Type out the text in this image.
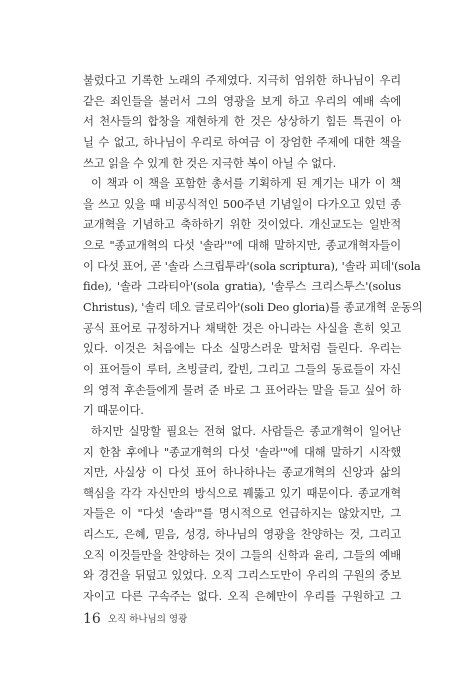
불렀다고 기록한 노래의 주제였다. 지극히 엄위한 하나님이 우리
같은 죄인들을 불러서 그의 영광을 보게 하고 우리의 예배 속에
서 천사들의 합창을 재현하게 한 것은 상상하기 힘든 특권이 아
닐 수 없고, 하나님이 우리로 하여금 이 장엄한 주제에 대한 책을
쓰고 읽을 수 있게 한 것은 지극한 복이 아닐 수 없다.
이 책과 이 책을 포함한 총서를 기획하게 된 계기는 내가 이 책
을 쓰고 있을 때 비공식적인 500주년 기념일이 다가오고 있던 종
교개혁을 기념하고 축하하기 위한 것이었다. 개신교도는 일반적
으로 "종교개혁의 다섯 '솔라'"에 대해 말하지만, 종교개혁자들이
이 다섯 표어, 곧 '솔라 스크립투라'(sola scriptura), '솔라 피데'(sola
fide), '솔라 그라티아'(sola gratia), '솔루스 크리스투스'(solus
Christus), '솔리 데오 글로리아'(soli Deo gloria)를 종교개혁 운동의
공식 표어로 규정하거나 채택한 것은 아니라는 사실을 흔히 잊고
있다. 이것은 처음에는 다소 실망스러운 말처럼 들린다. 우리는
이 표어들이 루터, 츠빙글리, 칼빈, 그리고 그들의 동료들이 자신
의 영적 후손들에게 물려 준 바로 그 표어라는 말을 듣고 싶어 하
기 때문이다.
하지만 실망할 필요는 전혀 없다. 사람들은 종교개혁이 일어난
지 한참 후에나 "종교개혁의 다섯 '솔라'"에 대해 말하기 시작했
지만, 사실상 이 다섯 표어 하나하나는 종교개혁의 신앙과 삶의
핵심을 각각 자신만의 방식으로 꿰뚫고 있기 때문이다. 종교개혁
자들은 이 "다섯 '솔라'"를 명시적으로 언급하지는 않았지만, 그
리스도, 은혜, 믿음, 성경, 하나님의 영광을 찬양하는 것, 그리고
오직 이것들만을 찬양하는 것이 그들의 신학과 윤리, 그들의 예배
와 경건을 뒤덮고 있었다. 오직 그리스도만이 우리의 구원의 중보
자이고 다른 구속주는 없다. 오직 은혜만이 우리를 구원하고 그
16 오직 하나님의 영광
